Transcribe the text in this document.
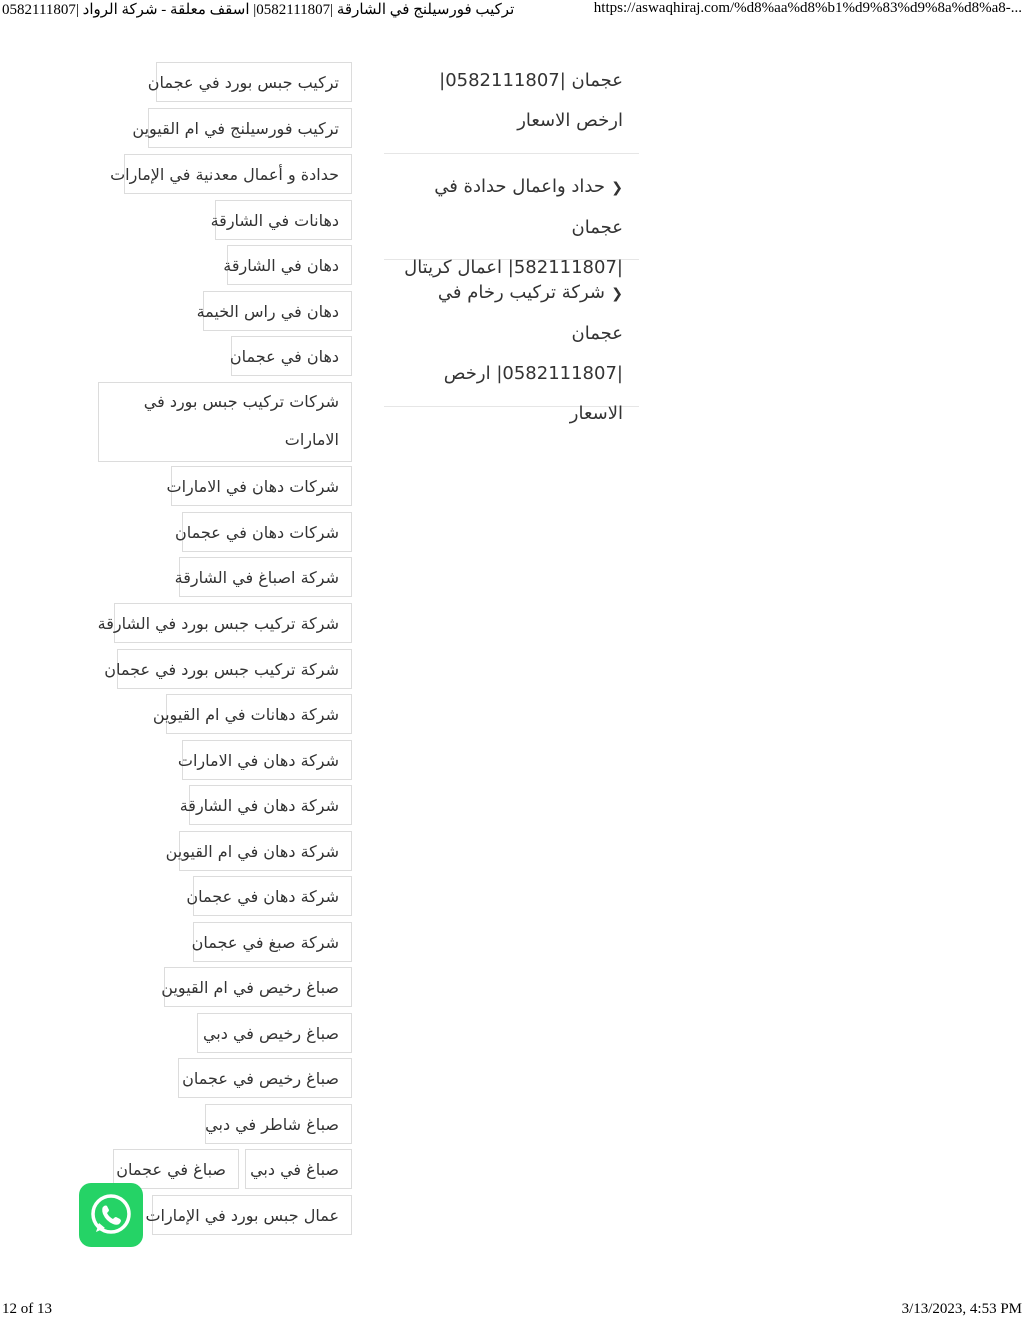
تركيب فورسيلنج في الشارقة |0582111807| اسقف معلقة - شركة الرواد |0582111807	https://aswaqhiraj.com/%d8%aa%d8%b1%d9%83%d9%8a%d8%a8-...
عجمان |0582111807|
ارخص الاسعار
❮حداد واعمال حدادة في عجمان
|582111807| اعمال كريتال
❮شركة تركيب رخام في عجمان
|0582111807| ارخص
الاسعار
تركيب جبس بورد في عجمان
تركيب فورسيلنج في ام القيوين
حدادة و أعمال معدنية في الإمارات
دهانات في الشارقة
دهان في الشارقة
دهان في راس الخيمة
دهان في عجمان
شركات تركيب جبس بورد في الامارات
شركات دهان في الامارات
شركات دهان في عجمان
شركة اصباغ في الشارقة
شركة تركيب جبس بورد في الشارقة
شركة تركيب جبس بورد في عجمان
شركة دهانات في ام القيوين
شركة دهان في الامارات
شركة دهان في الشارقة
شركة دهان في ام القيوين
شركة دهان في عجمان
شركة صبغ في عجمان
صباغ رخيص في ام القيوين
صباغ رخيص في دبي
صباغ رخيص في عجمان
صباغ شاطر في دبي
صباغ في دبي
صباغ في عجمان
عمال جبس بورد في الإمارات
12 of 13	3/13/2023, 4:53 PM
